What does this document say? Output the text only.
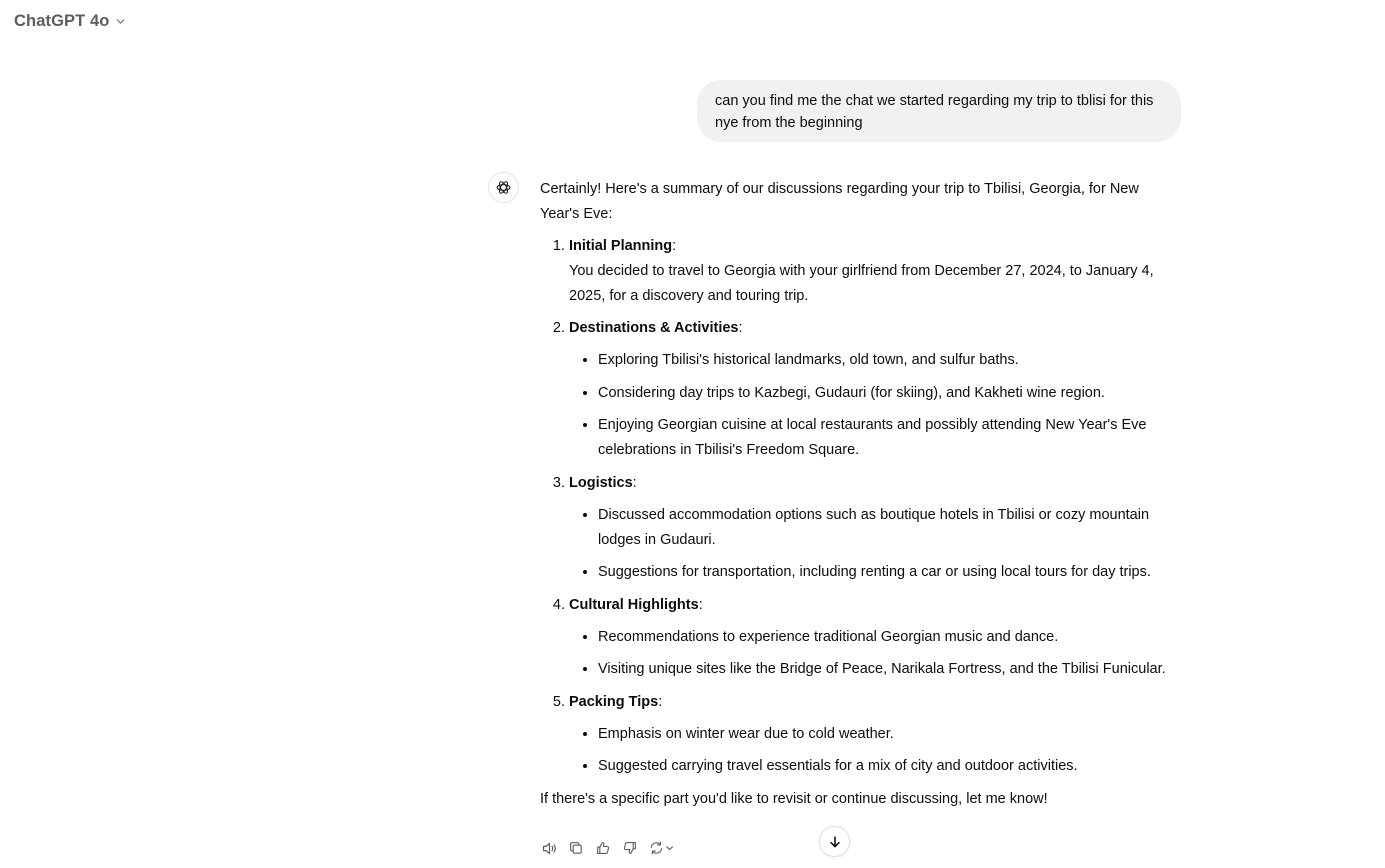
ChatGPT 4o
can you find me the chat we started regarding my trip to tblisi for this nye from the beginning

Certainly! Here's a summary of our discussions regarding your trip to Tbilisi, Georgia, for New Year's Eve:

1. Initial Planning:
You decided to travel to Georgia with your girlfriend from December 27, 2024, to January 4, 2025, for a discovery and touring trip.
2. Destinations & Activities:
• Exploring Tbilisi's historical landmarks, old town, and sulfur baths.
• Considering day trips to Kazbegi, Gudauri (for skiing), and Kakheti wine region.
• Enjoying Georgian cuisine at local restaurants and possibly attending New Year's Eve celebrations in Tbilisi's Freedom Square.
3. Logistics:
• Discussed accommodation options such as boutique hotels in Tbilisi or cozy mountain lodges in Gudauri.
• Suggestions for transportation, including renting a car or using local tours for day trips.
4. Cultural Highlights:
• Recommendations to experience traditional Georgian music and dance.
• Visiting unique sites like the Bridge of Peace, Narikala Fortress, and the Tbilisi Funicular.
5. Packing Tips:
• Emphasis on winter wear due to cold weather.
• Suggested carrying travel essentials for a mix of city and outdoor activities.

If there's a specific part you'd like to revisit or continue discussing, let me know!
